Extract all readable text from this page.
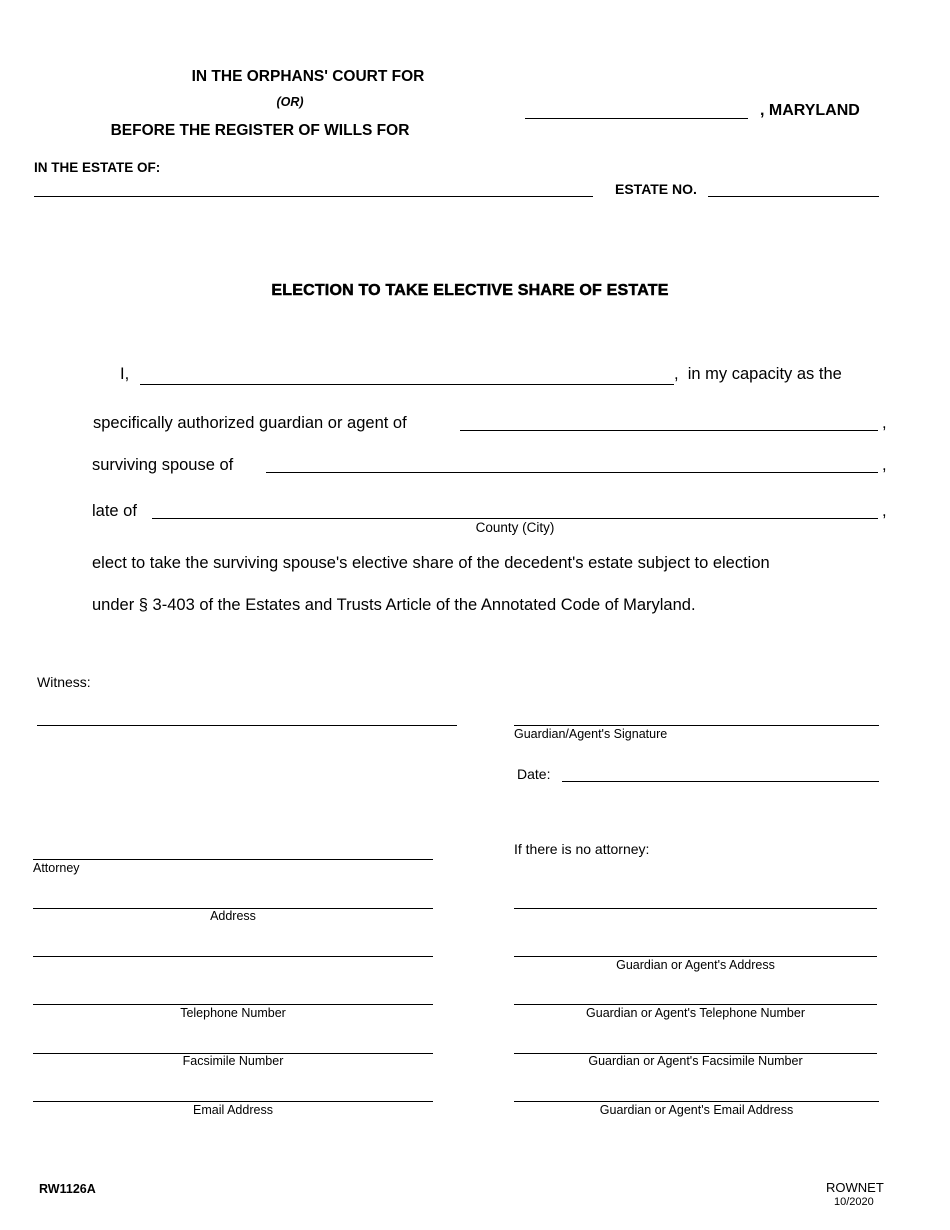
IN THE ORPHANS' COURT FOR
(OR)
BEFORE THE REGISTER OF WILLS FOR
, MARYLAND
IN THE ESTATE OF:
ESTATE NO.
ELECTION TO TAKE ELECTIVE SHARE OF ESTATE
I,	,  in my capacity as the
specifically authorized guardian or agent of	,
surviving spouse of	,
late of	,
County (City)
elect to take the surviving spouse's elective share of the decedent's estate subject to election
under § 3-403 of the Estates and Trusts Article of the Annotated Code of Maryland.
Witness:
Guardian/Agent's Signature
Date:
If there is no attorney:
Attorney
Address
Telephone Number
Facsimile Number
Email Address
Guardian or Agent's Address
Guardian or Agent's Telephone Number
Guardian or Agent's Facsimile Number
Guardian or Agent's Email Address
RW1126A	ROWNET
10/2020
